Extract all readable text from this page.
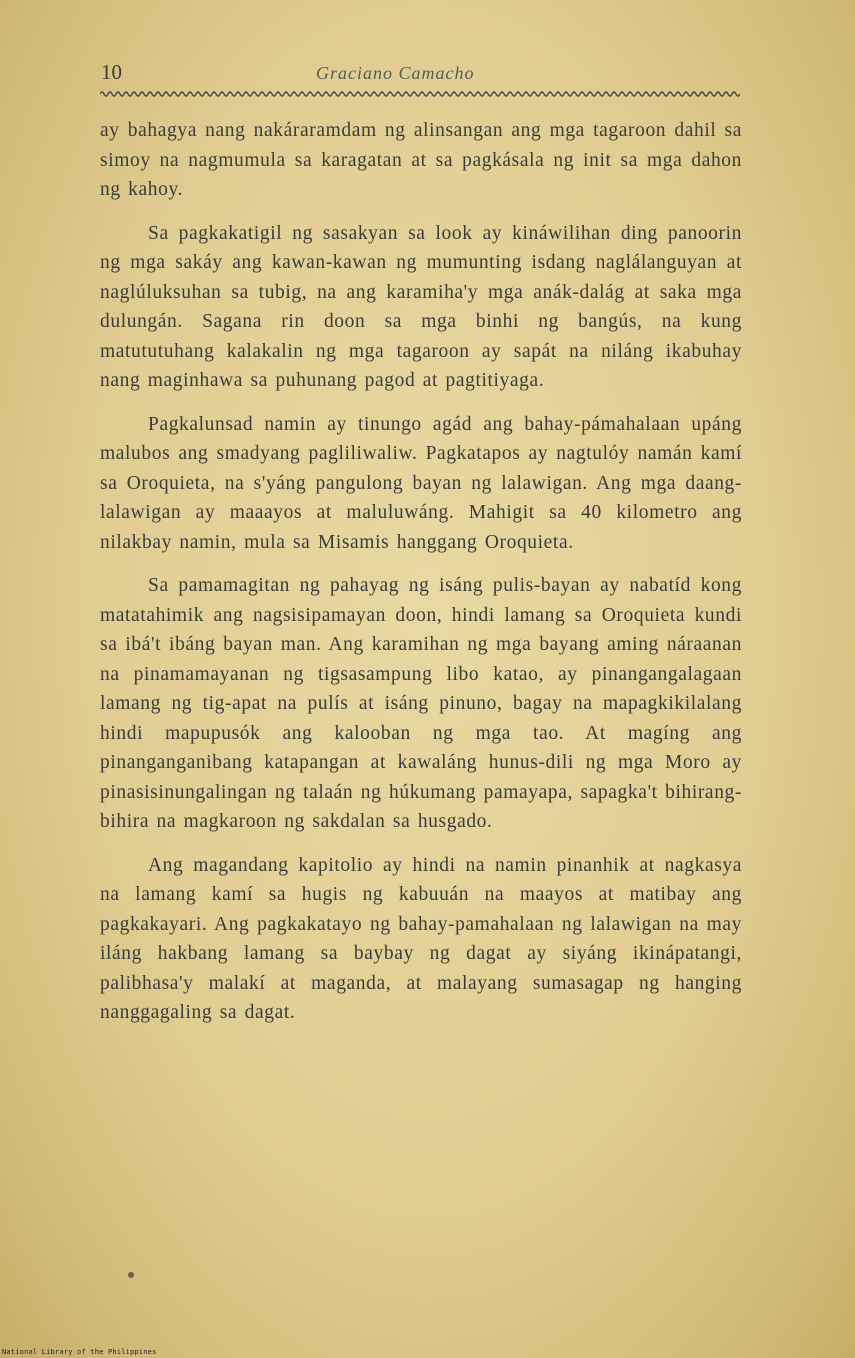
10	Graciano Camacho

ay bahagya nang nakáraramdam ng alinsangan ang mga tagaroon dahil sa simoy na nagmumula sa karagatan at sa pagkásala ng init sa mga dahon ng kahoy.

Sa pagkakatigil ng sasakyan sa look ay kináwilihan ding panoorin ng mga sakáy ang kawan-kawan ng mumunting isdang naglálanguyan at naglúluksuhan sa tubig, na ang karamiha'y mga anák-dalág at saka mga dulungán. Sagana rin doon sa mga binhi ng bangús, na kung matututuhang kalakalin ng mga tagaroon ay sapát na niláng ikabuhay nang maginhawa sa puhunang pagod at pagtitiyaga.

Pagkalunsad namin ay tinungo agád ang bahay-pámahalaan upáng malubos ang smadyang pagliliwaliw. Pagkatapos ay nagtulóy namán kamí sa Oroquieta, na s'yáng pangulong bayan ng lalawigan. Ang mga daang-lalawigan ay maaayos at maluluwáng. Mahigit sa 40 kilometro ang nilakbay namin, mula sa Misamis hanggang Oroquieta.

Sa pamamagitan ng pahayag ng isáng pulis-bayan ay nabatíd kong matatahimik ang nagsisipamayan doon, hindi lamang sa Oroquieta kundi sa ibá't ibáng bayan man. Ang karamihan ng mga bayang aming náraanan na pinamamayanan ng tigsasampung libo katao, ay pinangangalagaan lamang ng tig-apat na pulís at isáng pinuno, bagay na mapagkikilalang hindi mapupusók ang kalooban ng mga tao. At magíng ang pinanganganibang katapangan at kawaláng hunus-dili ng mga Moro ay pinasisinungalingan ng talaán ng húkumang pamayapa, sapagka't bihirang-bihira na magkaroon ng sakdalan sa husgado.

Ang magandang kapitolio ay hindi na namin pinanhik at nagkasya na lamang kamí sa hugis ng kabuuán na maayos at matibay ang pagkakayari. Ang pagkakatayo ng bahay-pamahalaan ng lalawigan na may iláng hakbang lamang sa baybay ng dagat ay siyáng ikinápatangi, palibhasa'y malakí at maganda, at malayang sumasagap ng hanging nanggagaling sa dagat.

National Library of the Philippines
